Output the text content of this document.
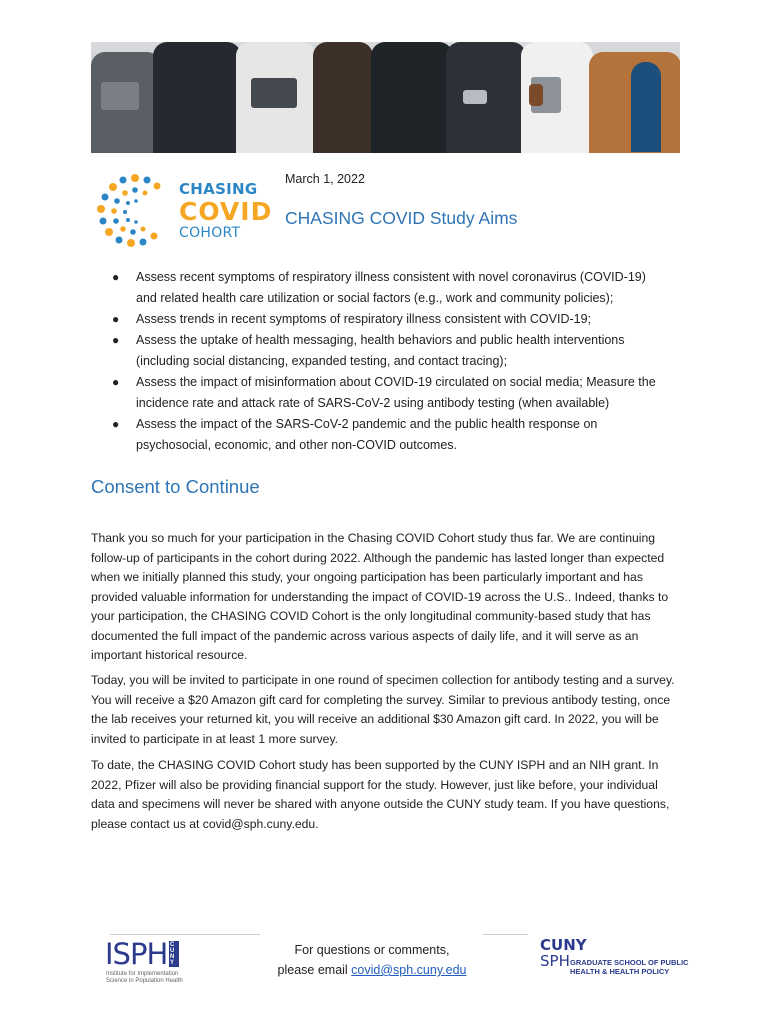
CHASING
COVID
COHORT
March 1, 2022
CHASING COVID Study Aims
● Assess recent symptoms of respiratory illness consistent with novel coronavirus (COVID-19) and related health care utilization or social factors (e.g., work and community policies);
● Assess trends in recent symptoms of respiratory illness consistent with COVID-19;
● Assess the uptake of health messaging, health behaviors and public health interventions (including social distancing, expanded testing, and contact tracing);
● Assess the impact of misinformation about COVID-19 circulated on social media; Measure the incidence rate and attack rate of SARS-CoV-2 using antibody testing (when available)
● Assess the impact of the SARS-CoV-2 pandemic and the public health response on psychosocial, economic, and other non-COVID outcomes.
Consent to Continue

Thank you so much for your participation in the Chasing COVID Cohort study thus far. We are continuing follow-up of participants in the cohort during 2022. Although the pandemic has lasted longer than expected when we initially planned this study, your ongoing participation has been particularly important and has provided valuable information for understanding the impact of COVID-19 across the U.S.. Indeed, thanks to your participation, the CHASING COVID Cohort is the only longitudinal community-based study that has documented the full impact of the pandemic across various aspects of daily life, and it will serve as an important historical resource.

Today, you will be invited to participate in one round of specimen collection for antibody testing and a survey. You will receive a $20 Amazon gift card for completing the survey. Similar to previous antibody testing, once the lab receives your returned kit, you will receive an additional $30 Amazon gift card. In 2022, you will be invited to participate in at least 1 more survey.

To date, the CHASING COVID Cohort study has been supported by the CUNY ISPH and an NIH grant. In 2022, Pfizer will also be providing financial support for the study. However, just like before, your individual data and specimens will never be shared with anyone outside the CUNY study team. If you have questions, please contact us at covid@sph.cuny.edu.

ISPH CUNY
Institute for Implementation Science in Population Health
For questions or comments,
please email covid@sph.cuny.edu
CUNY
SPH GRADUATE SCHOOL OF PUBLIC HEALTH & HEALTH POLICY
